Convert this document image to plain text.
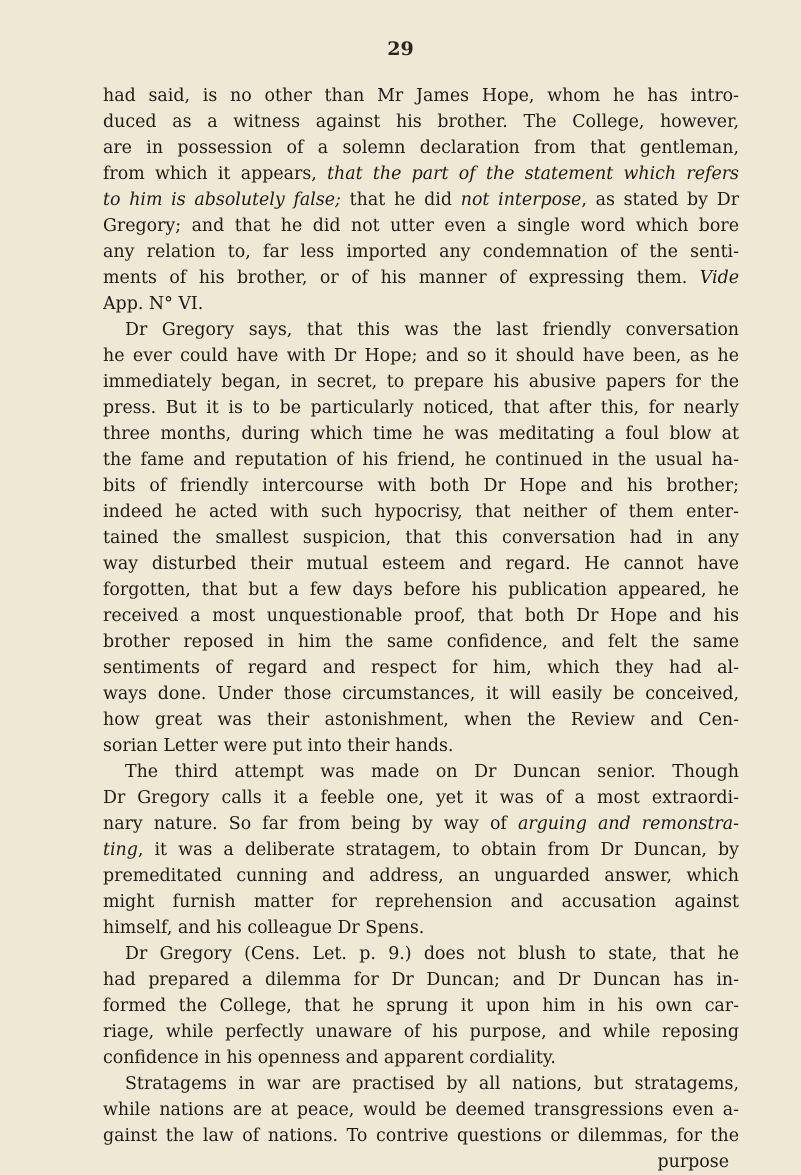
29
had said, is no other than Mr James Hope, whom he has intro-
duced as a witness against his brother. The College, however,
are in possession of a solemn declaration from that gentleman,
from which it appears, that the part of the statement which refers
to him is absolutely false; that he did not interpose, as stated by Dr
Gregory; and that he did not utter even a single word which bore
any relation to, far less imported any condemnation of the senti-
ments of his brother, or of his manner of expressing them. Vide
App. N° VI.
Dr Gregory says, that this was the last friendly conversation
he ever could have with Dr Hope; and so it should have been, as he
immediately began, in secret, to prepare his abusive papers for the
press. But it is to be particularly noticed, that after this, for nearly
three months, during which time he was meditating a foul blow at
the fame and reputation of his friend, he continued in the usual ha-
bits of friendly intercourse with both Dr Hope and his brother;
indeed he acted with such hypocrisy, that neither of them enter-
tained the smallest suspicion, that this conversation had in any
way disturbed their mutual esteem and regard. He cannot have
forgotten, that but a few days before his publication appeared, he
received a most unquestionable proof, that both Dr Hope and his
brother reposed in him the same confidence, and felt the same
sentiments of regard and respect for him, which they had al-
ways done. Under those circumstances, it will easily be conceived,
how great was their astonishment, when the Review and Cen-
sorian Letter were put into their hands.
The third attempt was made on Dr Duncan senior. Though
Dr Gregory calls it a feeble one, yet it was of a most extraordi-
nary nature. So far from being by way of arguing and remonstra-
ting, it was a deliberate stratagem, to obtain from Dr Duncan, by
premeditated cunning and address, an unguarded answer, which
might furnish matter for reprehension and accusation against
himself, and his colleague Dr Spens.
Dr Gregory (Cens. Let. p. 9.) does not blush to state, that he
had prepared a dilemma for Dr Duncan; and Dr Duncan has in-
formed the College, that he sprung it upon him in his own car-
riage, while perfectly unaware of his purpose, and while reposing
confidence in his openness and apparent cordiality.
Stratagems in war are practised by all nations, but stratagems,
while nations are at peace, would be deemed transgressions even a-
gainst the law of nations. To contrive questions or dilemmas, for the
purpose
